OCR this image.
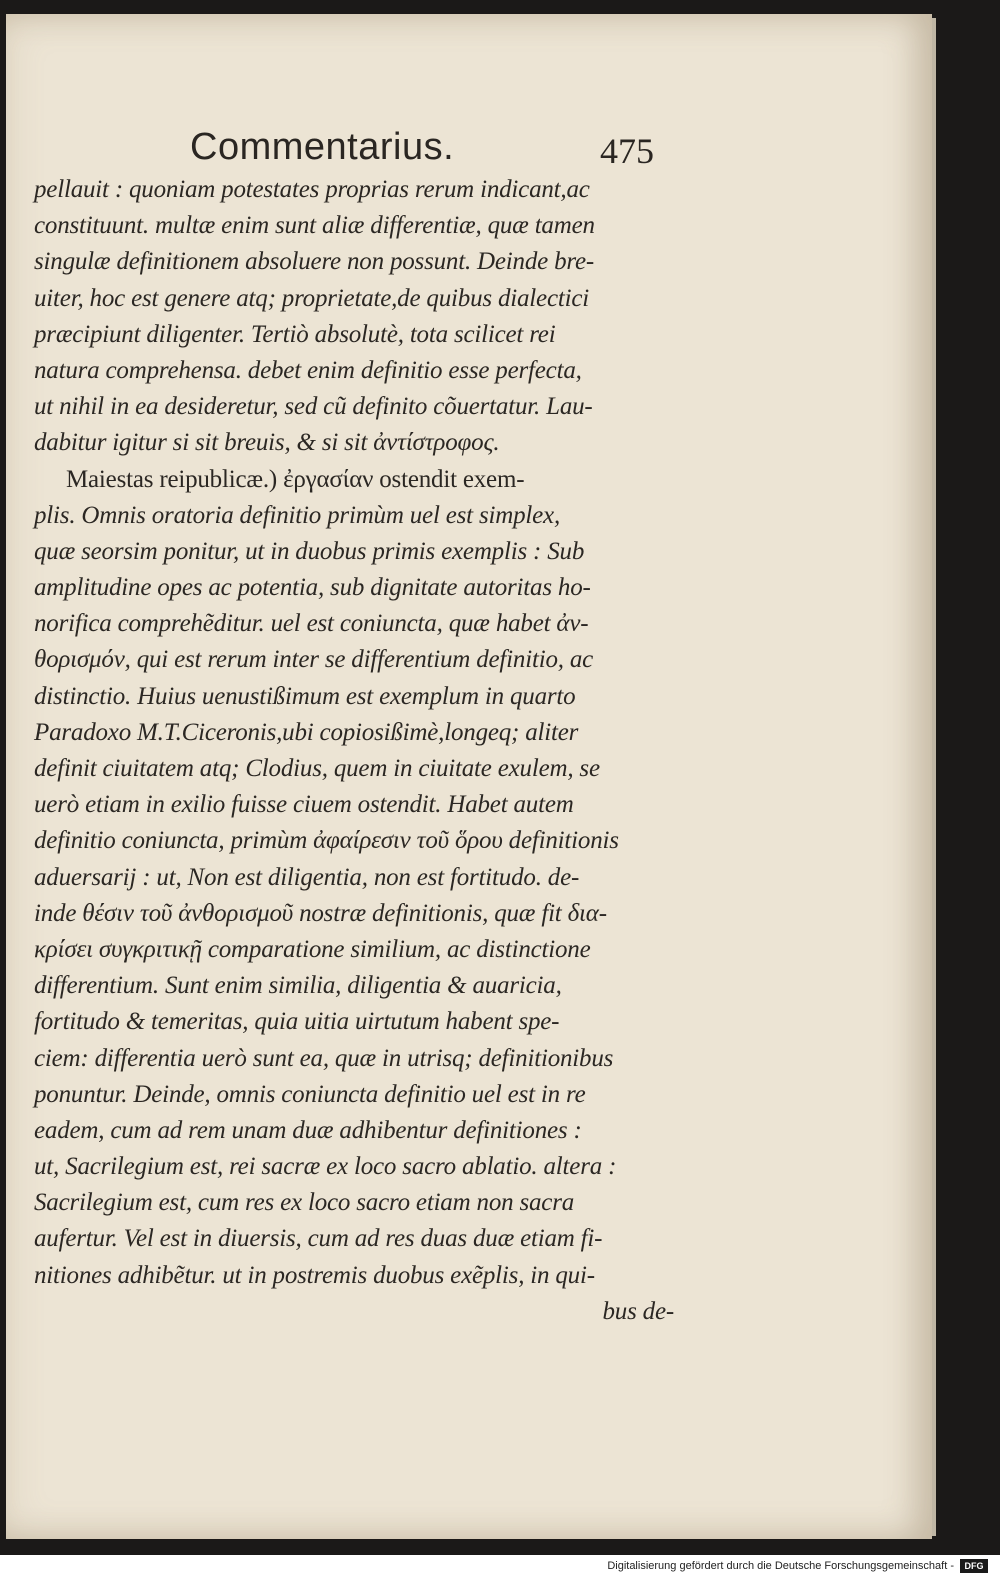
Commentarius.	475
pellauit : quoniam potestates proprias rerum indicant,ac
constituunt. multæ enim sunt aliæ differentiæ, quæ tamen
singulæ definitionem absoluere non possunt. Deinde bre-
uiter, hoc est genere atq; proprietate,de quibus dialectici
præcipiunt diligenter. Tertiò absolutè, tota scilicet rei
natura comprehensa. debet enim definitio esse perfecta,
ut nihil in ea desideretur, sed cũ definito cõuertatur. Lau-
dabitur igitur si sit breuis, & si sit ἀντίστροφος.
Maiestas reipublicæ.) ἐργασίαν ostendit exem-
plis. Omnis oratoria definitio primùm uel est simplex,
quæ seorsim ponitur, ut in duobus primis exemplis : Sub
amplitudine opes ac potentia, sub dignitate autoritas ho-
norifica comprehẽditur. uel est coniuncta, quæ habet ἀν-
θορισμόν, qui est rerum inter se differentium definitio, ac
distinctio. Huius uenustißimum est exemplum in quarto
Paradoxo M.T.Ciceronis,ubi copiosißimè,longeq; aliter
definit ciuitatem atq; Clodius, quem in ciuitate exulem, se
uerò etiam in exilio fuisse ciuem ostendit. Habet autem
definitio coniuncta, primùm ἀφαίρεσιν τοῦ ὅρου definitionis
aduersarij : ut, Non est diligentia, non est fortitudo. de-
inde θέσιν τοῦ ἀνθορισμοῦ nostræ definitionis, quæ fit δια-
κρίσει συγκριτικῇ comparatione similium, ac distinctione
differentium. Sunt enim similia, diligentia & auaricia,
fortitudo & temeritas, quia uitia uirtutum habent spe-
ciem: differentia uerò sunt ea, quæ in utrisq; definitionibus
ponuntur. Deinde, omnis coniuncta definitio uel est in re
eadem, cum ad rem unam duæ adhibentur definitiones :
ut, Sacrilegium est, rei sacræ ex loco sacro ablatio. altera :
Sacrilegium est, cum res ex loco sacro etiam non sacra
aufertur. Vel est in diuersis, cum ad res duas duæ etiam fi-
nitiones adhibẽtur. ut in postremis duobus exẽplis, in qui-
bus de-
Digitalisierung gefördert durch die Deutsche Forschungsgemeinschaft -	DFG
